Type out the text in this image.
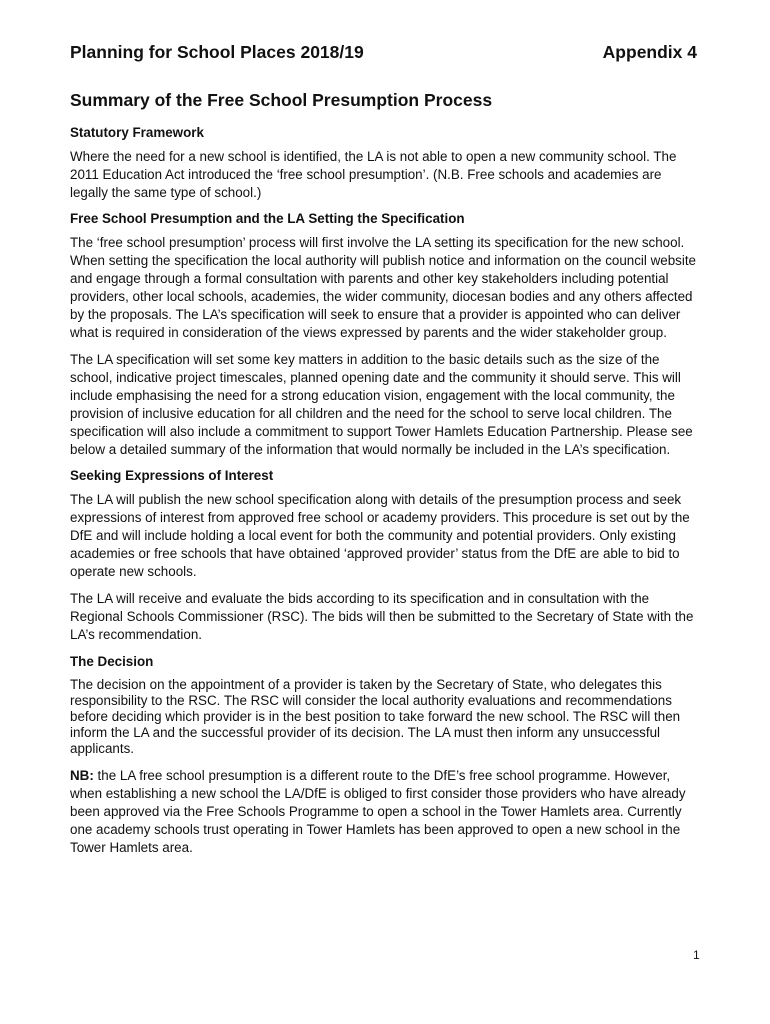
Planning for School Places 2018/19	Appendix 4
Summary of the Free School Presumption Process
Statutory Framework

Where the need for a new school is identified, the LA is not able to open a new community school. The 2011 Education Act introduced the ‘free school presumption’. (N.B. Free schools and academies are legally the same type of school.)

Free School Presumption and the LA Setting the Specification

The ‘free school presumption’ process will first involve the LA setting its specification for the new school. When setting the specification the local authority will publish notice and information on the council website and engage through a formal consultation with parents and other key stakeholders including potential providers, other local schools, academies, the wider community, diocesan bodies and any others affected by the proposals. The LA’s specification will seek to ensure that a provider is appointed who can deliver what is required in consideration of the views expressed by parents and the wider stakeholder group.

The LA specification will set some key matters in addition to the basic details such as the size of the school, indicative project timescales, planned opening date and the community it should serve. This will include emphasising the need for a strong education vision, engagement with the local community, the provision of inclusive education for all children and the need for the school to serve local children. The specification will also include a commitment to support Tower Hamlets Education Partnership. Please see below a detailed summary of the information that would normally be included in the LA’s specification.

Seeking Expressions of Interest

The LA will publish the new school specification along with details of the presumption process and seek expressions of interest from approved free school or academy providers. This procedure is set out by the DfE and will include holding a local event for both the community and potential providers. Only existing academies or free schools that have obtained ‘approved provider’ status from the DfE are able to bid to operate new schools.

The LA will receive and evaluate the bids according to its specification and in consultation with the Regional Schools Commissioner (RSC). The bids will then be submitted to the Secretary of State with the LA’s recommendation.

The Decision

The decision on the appointment of a provider is taken by the Secretary of State, who delegates this responsibility to the RSC. The RSC will consider the local authority evaluations and recommendations before deciding which provider is in the best position to take forward the new school. The RSC will then inform the LA and the successful provider of its decision. The LA must then inform any unsuccessful applicants.

NB: the LA free school presumption is a different route to the DfE’s free school programme. However, when establishing a new school the LA/DfE is obliged to first consider those providers who have already been approved via the Free Schools Programme to open a school in the Tower Hamlets area. Currently one academy schools trust operating in Tower Hamlets has been approved to open a new school in the Tower Hamlets area.

1
